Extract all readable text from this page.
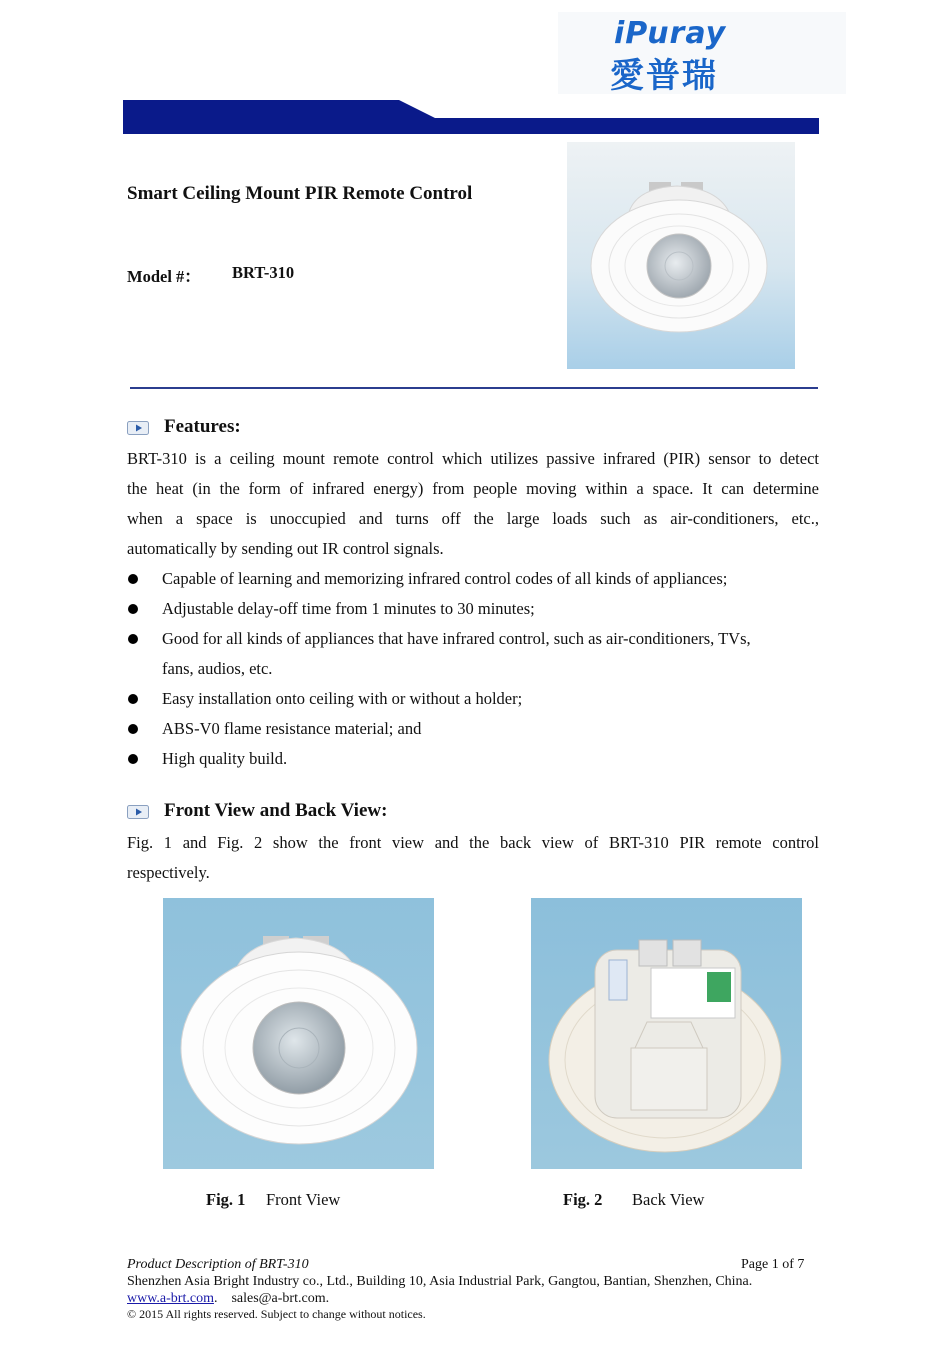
iPuray
愛普瑞
Smart Ceiling Mount PIR Remote Control
Model #： BRT-310
Features:
BRT-310 is a ceiling mount remote control which utilizes passive infrared (PIR) sensor to detect
the heat (in the form of infrared energy) from people moving within a space. It can determine
when a space is unoccupied and turns off the large loads such as air-conditioners, etc.,
automatically by sending out IR control signals.
Capable of learning and memorizing infrared control codes of all kinds of appliances;
Adjustable delay-off time from 1 minutes to 30 minutes;
Good for all kinds of appliances that have infrared control, such as air-conditioners, TVs,
fans, audios, etc.
Easy installation onto ceiling with or without a holder;
ABS-V0 flame resistance material; and
High quality build.
Front View and Back View:
Fig. 1 and Fig. 2 show the front view and the back view of BRT-310 PIR remote control
respectively.
Fig. 1 Front View	Fig. 2 Back View
Product Description of BRT-310	Page 1 of 7
Shenzhen Asia Bright Industry co., Ltd., Building 10, Asia Industrial Park, Gangtou, Bantian, Shenzhen, China.
www.a-brt.com.    sales@a-brt.com.
© 2015 All rights reserved. Subject to change without notices.
